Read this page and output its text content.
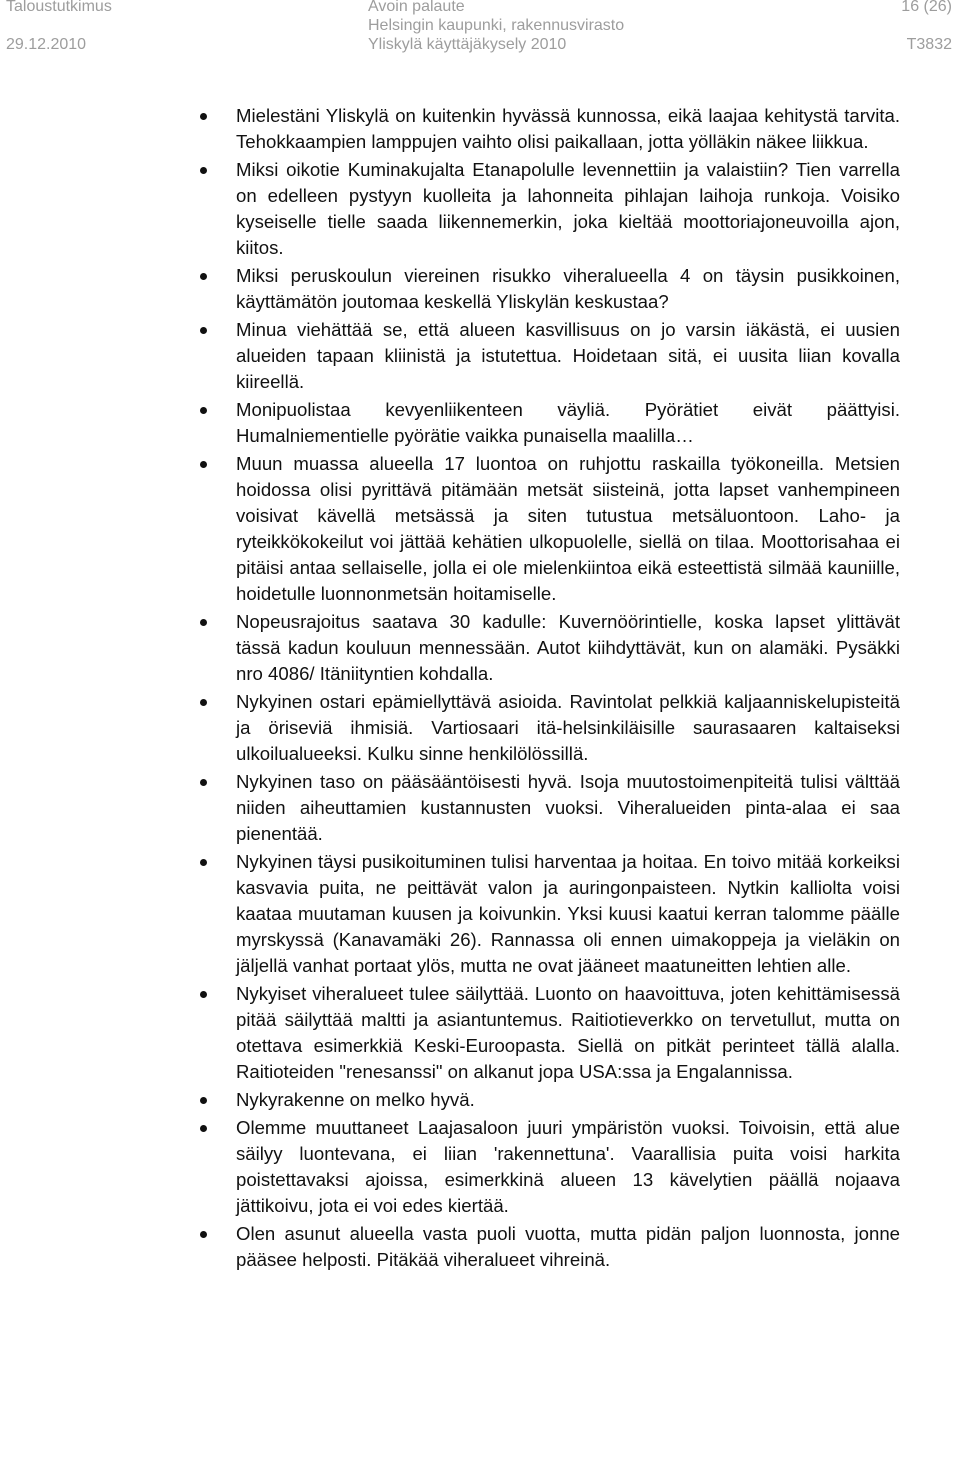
Taloustutkimus	Avoin palaute	16 (26)
Helsingin kaupunki, rakennusvirasto
29.12.2010	Yliskylä käyttäjäkysely 2010	T3832
Mielestäni Yliskylä on kuitenkin hyvässä kunnossa, eikä laajaa kehitystä tarvita. Tehokkaampien lamppujen vaihto olisi paikallaan, jotta yölläkin näkee liikkua.
Miksi oikotie Kuminakujalta Etanapolulle levennettiin ja valaistiin? Tien varrella on edelleen pystyyn kuolleita ja lahonneita pihlajan laihoja runkoja. Voisiko kyseiselle tielle saada liikennemerkin, joka kieltää moottoriajoneuvoilla ajon, kiitos.
Miksi peruskoulun viereinen risukko viheralueella 4 on täysin pusikkoinen, käyttämätön joutomaa keskellä Yliskylän keskustaa?
Minua viehättää se, että alueen kasvillisuus on jo varsin iäkästä, ei uusien alueiden tapaan kliinistä ja istutettua. Hoidetaan sitä, ei uusita liian kovalla kiireellä.
Monipuolistaa kevyenliikenteen väyliä. Pyörätiet eivät päättyisi. Humalniementielle pyörätie vaikka punaisella maalilla…
Muun muassa alueella 17 luontoa on ruhjottu raskailla työkoneilla. Metsien hoidossa olisi pyrittävä pitämään metsät siisteinä, jotta lapset vanhempineen voisivat kävellä metsässä ja siten tutustua metsäluontoon. Laho- ja ryteikkökokeilut voi jättää kehätien ulkopuolelle, siellä on tilaa. Moottorisahaa ei pitäisi antaa sellaiselle, jolla ei ole mielenkiintoa eikä esteettistä silmää kauniille, hoidetulle luonnonmetsän hoitamiselle.
Nopeusrajoitus saatava 30 kadulle: Kuvernöörintielle, koska lapset ylittävät tässä kadun kouluun mennessään. Autot kiihdyttävät, kun on alamäki. Pysäkki nro 4086/ Itäniityntien kohdalla.
Nykyinen ostari epämiellyttävä asioida. Ravintolat pelkkiä kaljaanniskelupisteitä ja öriseviä ihmisiä. Vartiosaari itä-helsinkiläisille saurasaaren kaltaiseksi ulkoilualueeksi. Kulku sinne henkilölössillä.
Nykyinen taso on pääsääntöisesti hyvä. Isoja muutostoimenpiteitä tulisi välttää niiden aiheuttamien kustannusten vuoksi. Viheralueiden pinta-alaa ei saa pienentää.
Nykyinen täysi pusikoituminen tulisi harventaa ja hoitaa. En toivo mitää korkeiksi kasvavia puita, ne peittävät valon ja auringonpaisteen. Nytkin kalliolta voisi kaataa muutaman kuusen ja koivunkin. Yksi kuusi kaatui kerran talomme päälle myrskyssä (Kanavamäki 26). Rannassa oli ennen uimakoppeja ja vieläkin on jäljellä vanhat portaat ylös, mutta ne ovat jääneet maatuneitten lehtien alle.
Nykyiset viheralueet tulee säilyttää. Luonto on haavoittuva, joten kehittämisessä pitää säilyttää maltti ja asiantuntemus. Raitiotieverkko on tervetullut, mutta on otettava esimerkkiä Keski-Euroopasta. Siellä on pitkät perinteet tällä alalla. Raitioteiden "renesanssi" on alkanut jopa USA:ssa ja Engalannissa.
Nykyrakenne on melko hyvä.
Olemme muuttaneet Laajasaloon juuri ympäristön vuoksi. Toivoisin, että alue säilyy luontevana, ei liian 'rakennettuna'. Vaarallisia puita voisi harkita poistettavaksi ajoissa, esimerkkinä alueen 13 kävelytien päällä nojaava jättikoivu, jota ei voi edes kiertää.
Olen asunut alueella vasta puoli vuotta, mutta pidän paljon luonnosta, jonne pääsee helposti. Pitäkää viheralueet vihreinä.
